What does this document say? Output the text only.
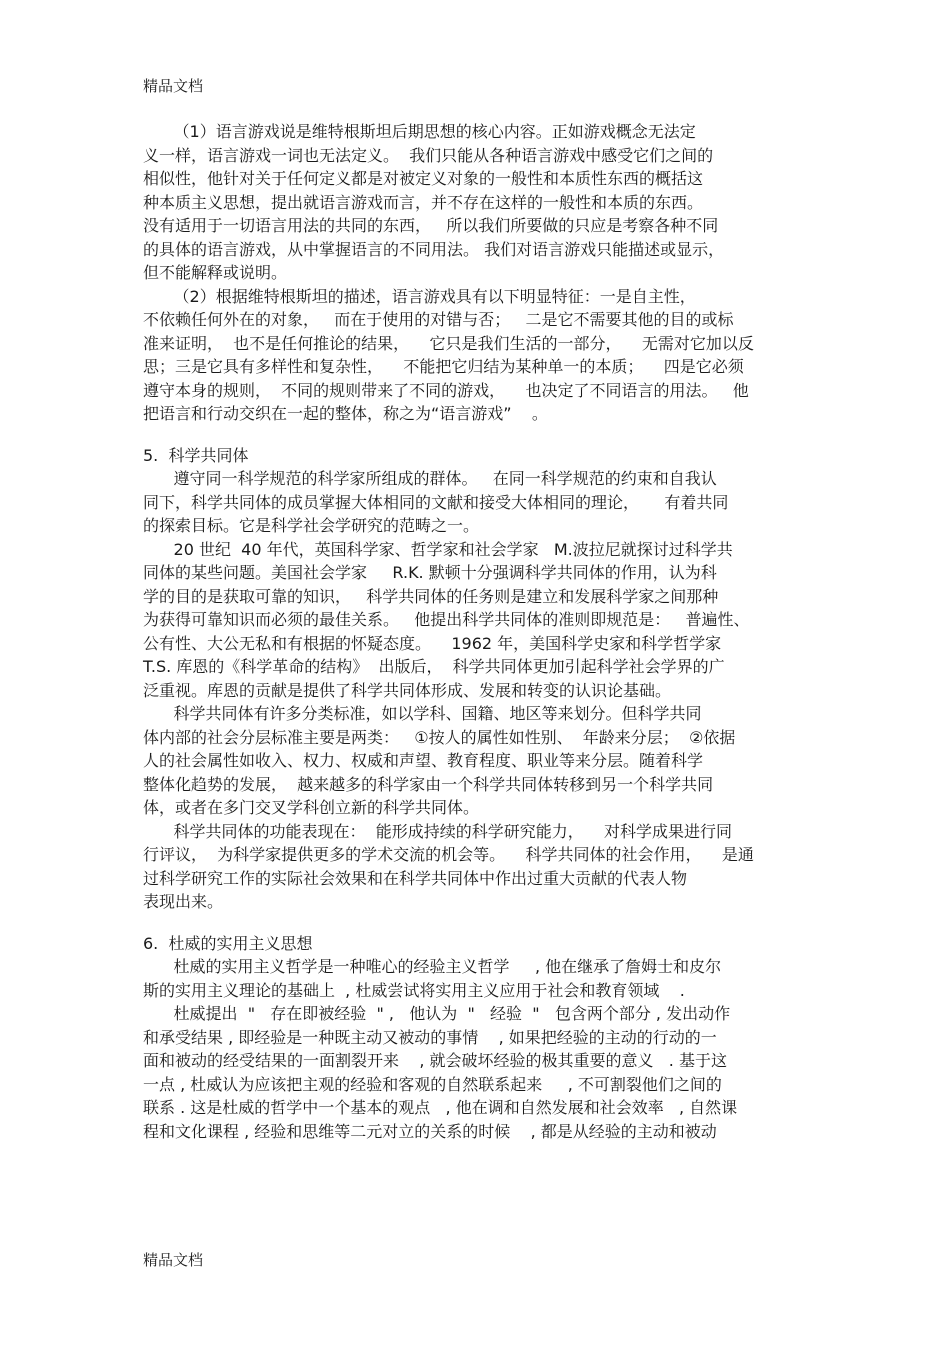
精品文档
（1）语言游戏说是维特根斯坦后期思想的核心内容。正如游戏概念无法定
义一样，语言游戏一词也无法定义。  我们只能从各种语言游戏中感受它们之间的
相似性，他针对关于任何定义都是对被定义对象的一般性和本质性东西的概括这
种本质主义思想，提出就语言游戏而言，并不存在这样的一般性和本质的东西。
没有适用于一切语言用法的共同的东西，   所以我们所要做的只应是考察各种不同
的具体的语言游戏，从中掌握语言的不同用法。 我们对语言游戏只能描述或显示，
但不能解释或说明。
（2）根据维特根斯坦的描述，语言游戏具有以下明显特征：一是自主性，
不依赖任何外在的对象，   而在于使用的对错与否；   二是它不需要其他的目的或标
准来证明，  也不是任何推论的结果，    它只是我们生活的一部分，    无需对它加以反
思；三是它具有多样性和复杂性，    不能把它归结为某种单一的本质；    四是它必须
遵守本身的规则，  不同的规则带来了不同的游戏，    也决定了不同语言的用法。   他
把语言和行动交织在一起的整体，称之为“语言游戏”    。
5.  科学共同体
遵守同一科学规范的科学家所组成的群体。   在同一科学规范的约束和自我认
同下，科学共同体的成员掌握大体相同的文献和接受大体相同的理论，     有着共同
的探索目标。它是科学社会学研究的范畴之一。
20 世纪  40 年代，英国科学家、哲学家和社会学家   M.波拉尼就探讨过科学共
同体的某些问题。美国社会学家     R.K. 默顿十分强调科学共同体的作用，认为科
学的目的是获取可靠的知识，   科学共同体的任务则是建立和发展科学家之间那种
为获得可靠知识而必须的最佳关系。   他提出科学共同体的准则即规范是：   普遍性、
公有性、大公无私和有根据的怀疑态度。    1962 年，美国科学史家和科学哲学家
T.S. 库恩的《科学革命的结构》  出版后，  科学共同体更加引起科学社会学界的广
泛重视。库恩的贡献是提供了科学共同体形成、发展和转变的认识论基础。
科学共同体有许多分类标准，如以学科、国籍、地区等来划分。但科学共同
体内部的社会分层标准主要是两类：   ①按人的属性如性别、  年龄来分层；  ②依据
人的社会属性如收入、权力、权威和声望、教育程度、职业等来分层。随着科学
整体化趋势的发展，  越来越多的科学家由一个科学共同体转移到另一个科学共同
体，或者在多门交叉学科创立新的科学共同体。
科学共同体的功能表现在：  能形成持续的科学研究能力，    对科学成果进行同
行评议，  为科学家提供更多的学术交流的机会等。    科学共同体的社会作用，    是通
过科学研究工作的实际社会效果和在科学共同体中作出过重大贡献的代表人物
表现出来。
6.  杜威的实用主义思想
杜威的实用主义哲学是一种唯心的经验主义哲学     , 他在继承了詹姆士和皮尔
斯的实用主义理论的基础上  , 杜威尝试将实用主义应用于社会和教育领域    .
杜威提出  "   存在即被经验  " ,   他认为  "   经验  "   包含两个部分 , 发出动作
和承受结果 , 即经验是一种既主动又被动的事情    , 如果把经验的主动的行动的一
面和被动的经受结果的一面割裂开来    , 就会破坏经验的极其重要的意义   . 基于这
一点 , 杜威认为应该把主观的经验和客观的自然联系起来     , 不可割裂他们之间的
联系 . 这是杜威的哲学中一个基本的观点   , 他在调和自然发展和社会效率   , 自然课
程和文化课程 , 经验和思维等二元对立的关系的时候    , 都是从经验的主动和被动
精品文档
